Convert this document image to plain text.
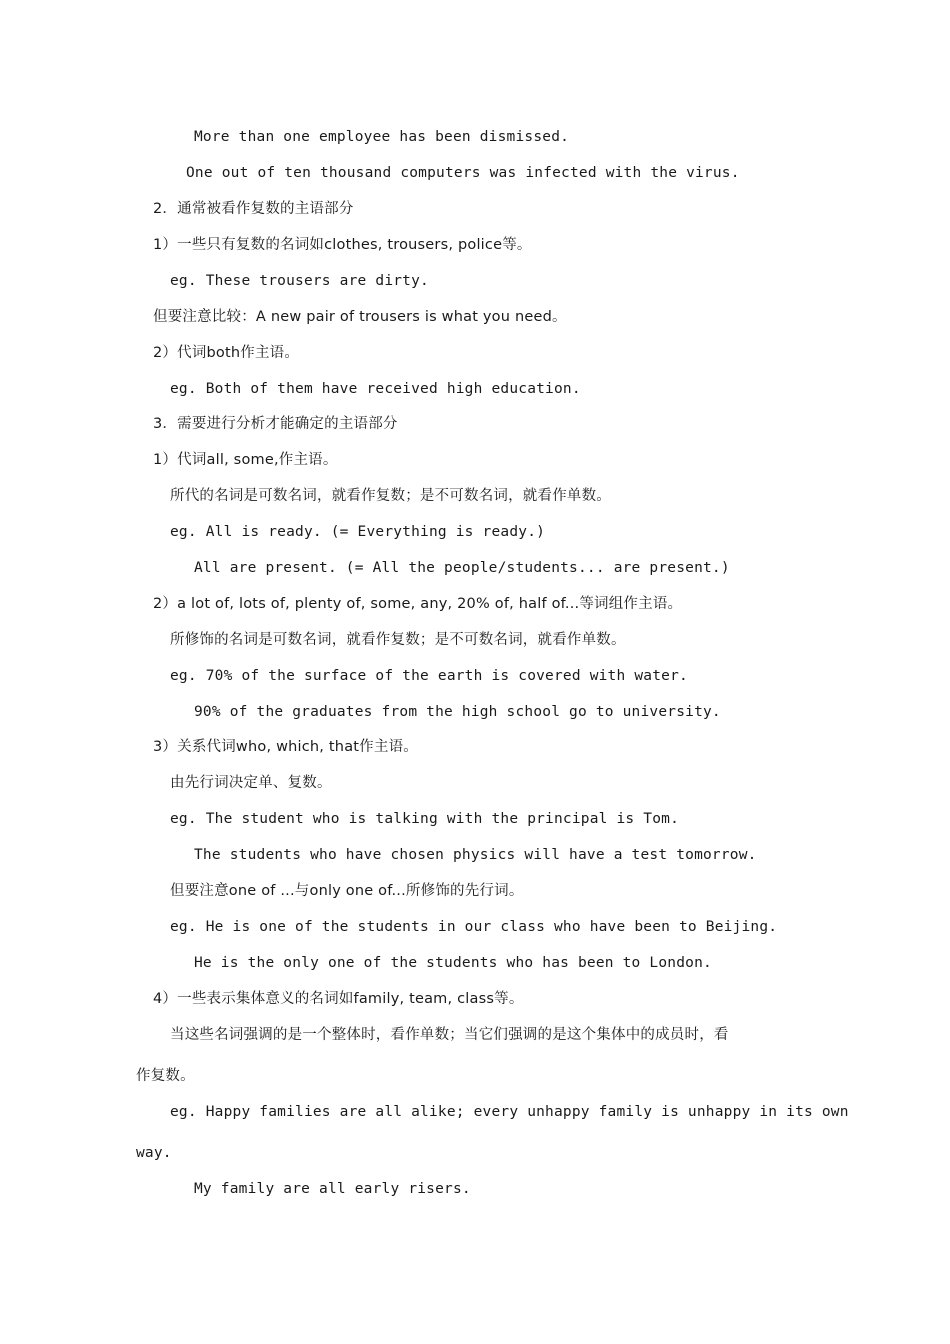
More than one employee has been dismissed.
One out of ten thousand computers was infected with the virus.
2．通常被看作复数的主语部分
1）一些只有复数的名词如clothes, trousers, police等。
eg. These trousers are dirty.
但要注意比较：A new pair of trousers is what you need。
2）代词both作主语。
eg. Both of them have received high education.
3．需要进行分析才能确定的主语部分
1）代词all, some,作主语。
所代的名词是可数名词，就看作复数；是不可数名词，就看作单数。
eg. All is ready. (= Everything is ready.)
All are present. (= All the people/students... are present.)
2）a lot of, lots of, plenty of, some, any, 20% of, half of...等词组作主语。
所修饰的名词是可数名词，就看作复数；是不可数名词，就看作单数。
eg. 70% of the surface of the earth is covered with water.
90% of the graduates from the high school go to university.
3）关系代词who, which, that作主语。
由先行词决定单、复数。
eg. The student who is talking with the principal is Tom.
The students who have chosen physics will have a test tomorrow.
但要注意one of ...与only one of...所修饰的先行词。
eg. He is one of the students in our class who have been to Beijing.
He is the only one of the students who has been to London.
4）一些表示集体意义的名词如family, team, class等。
当这些名词强调的是一个整体时，看作单数；当它们强调的是这个集体中的成员时，看
作复数。
eg. Happy families are all alike; every unhappy family is unhappy in its own
way.
My family are all early risers.
